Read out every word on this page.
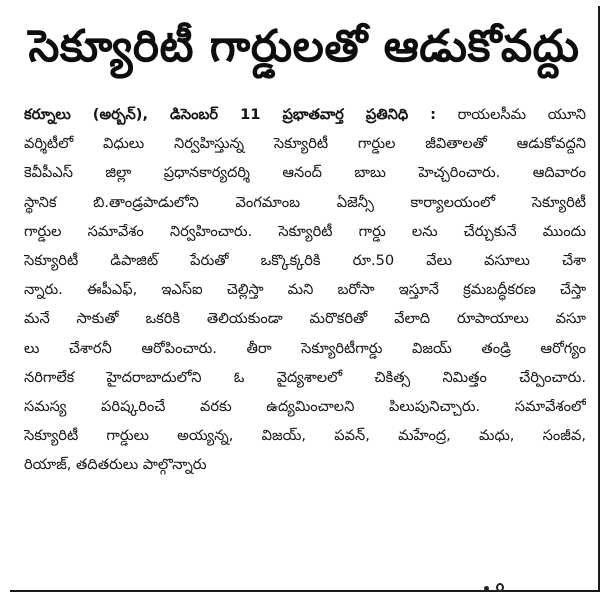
సెక్యూరిటీ గార్డులతో ఆడుకోవద్దు
కర్నూలు (అర్బన్), డిసెంబర్ 11 ప్రభాతవార్త ప్రతినిధి : రాయలసీమ యూని
వర్శిటీలో విధులు నిర్వహిస్తున్న సెక్యూరిటీ గార్డుల జీవితాలతో ఆడుకోవద్దని
కెవీపీఎస్ జిల్లా ప్రధానకార్యదర్శి ఆనంద్ బాబు హెచ్చరించారు. ఆదివారం
స్థానిక బి.తాండ్రపాడులోని వెంగమాంబ ఏజెన్సీ కార్యాలయంలో సెక్యూరిటీ
గార్డుల సమావేశం నిర్వహించారు. సెక్యూరిటీ గార్డు లను చేర్చుకునే ముందు
సెక్యూరిటీ డిపాజిట్ పేరుతో ఒక్కొక్కరికి రూ.50 వేలు వసూలు చేశా
న్నారు. ఈపీఎఫ్, ఇఎస్ఐ చెల్లిస్తా మని బరోసా ఇస్తూనే క్రమబద్ధీకరణ చేస్తా
మనే సాకుతో ఒకరికి తెలియకుండా మరొకరితో వేలాది రూపాయాలు వసూ
లు చేశారనీ ఆరోపించారు. తీరా సెక్యూరిటీగార్డు విజయ్ తండ్రి ఆరోగ్యం
నరిగాలేక హైదరాబాదులోని ఓ వైద్యశాలలో చికిత్స నిమిత్తం చేర్పించారు.
సమస్య పరిష్కరించే వరకు ఉద్యమించాలని పిలుపునిచ్చారు. సమావేశంలో
సెక్యూరిటీ గార్డులు అయ్యన్న, విజయ్, పవన్, మహేంద్ర, మధు, సంజీవ,
రియాజ్, తదితరులు పాల్గొన్నారు
